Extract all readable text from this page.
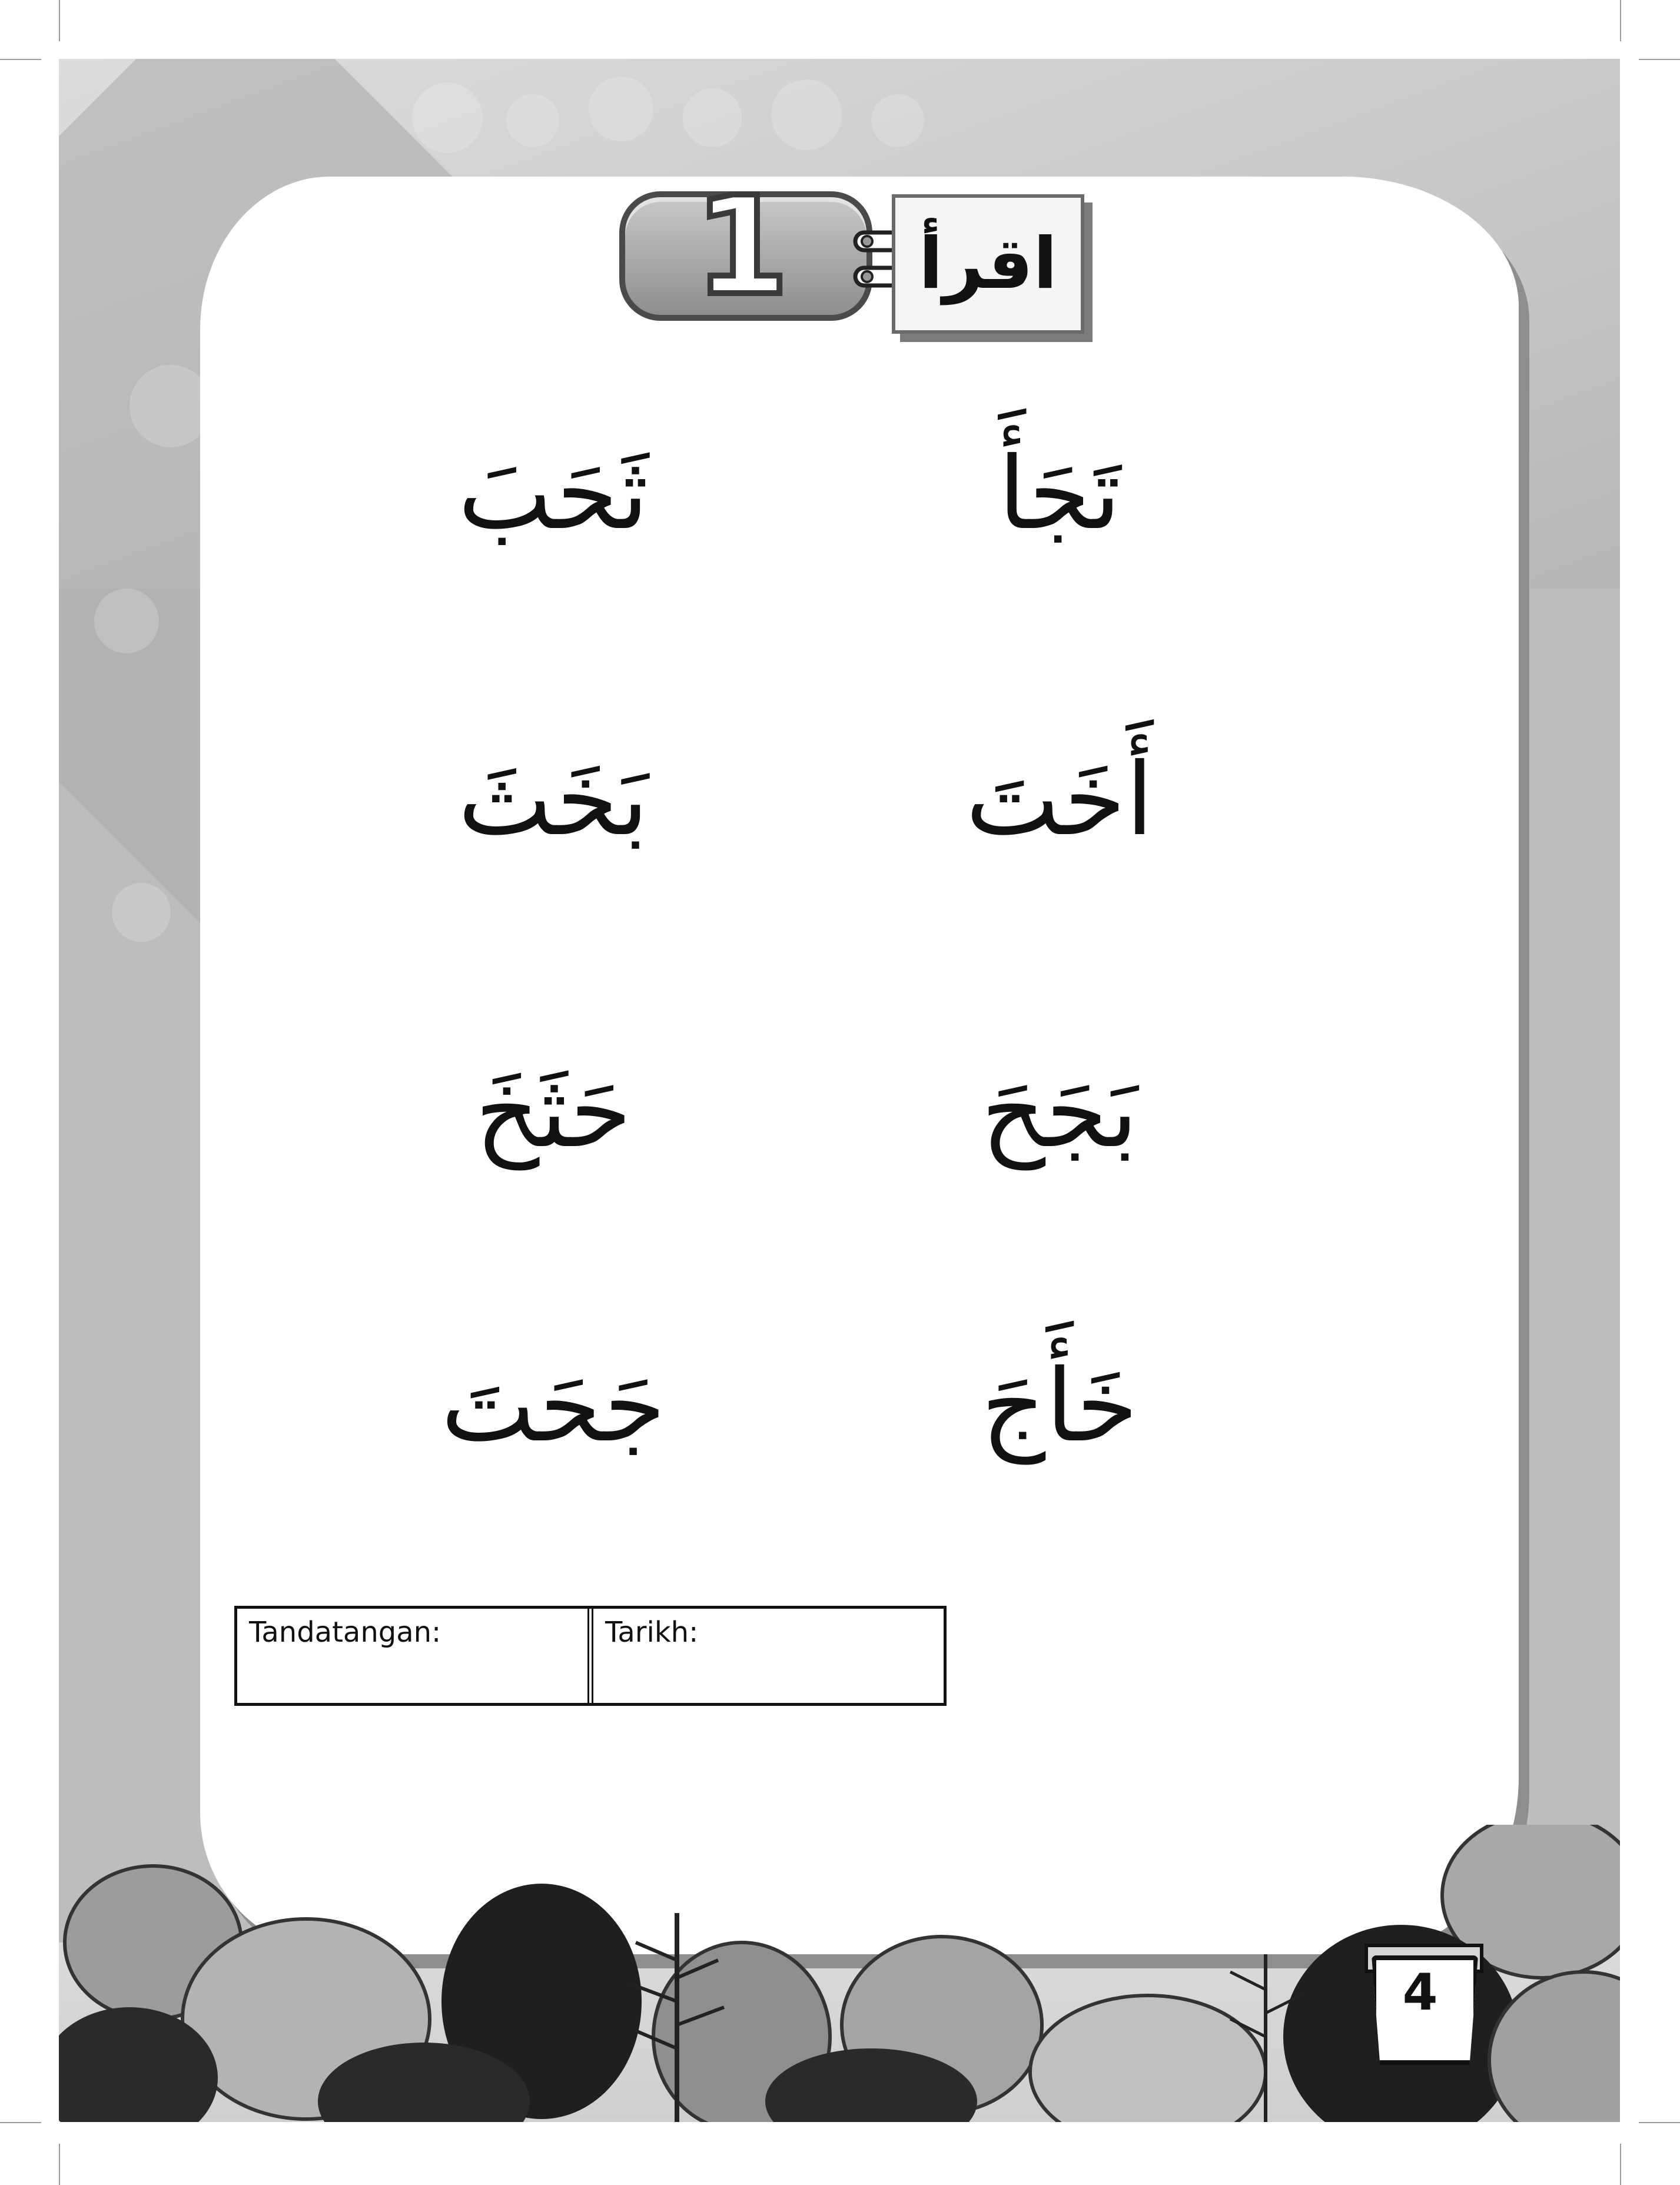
1	اقرأ
تَجَأَ
ثَحَبَ
أَخَتَ
بَخَثَ
بَجَحَ
حَثَخَ
خَأَجَ
جَحَتَ
Tandatangan:	Tarikh:
4
